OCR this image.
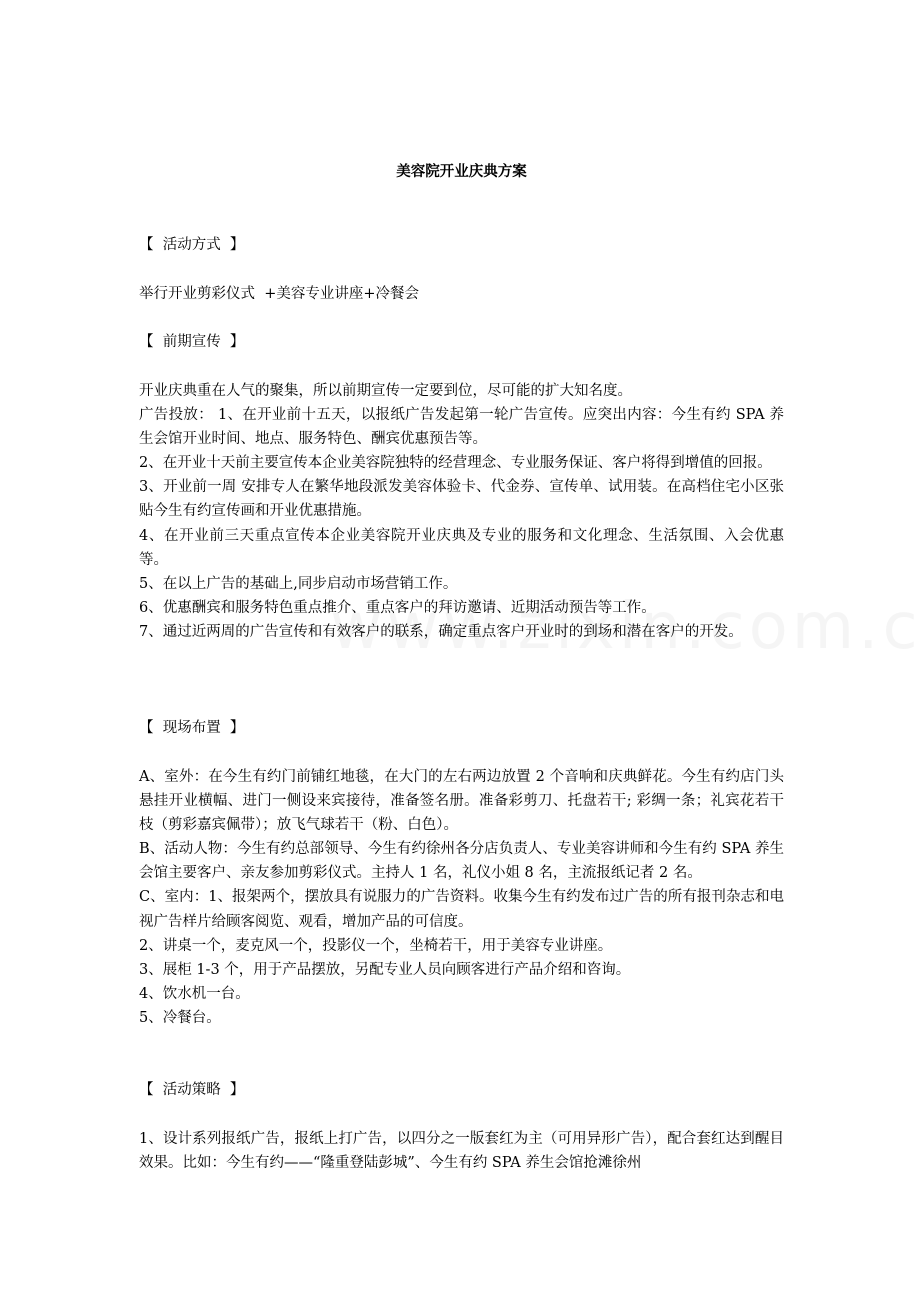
美容院开业庆典方案

【  活动方式  】

举行开业剪彩仪式  +美容专业讲座+冷餐会

【  前期宣传  】

开业庆典重在人气的聚集，所以前期宣传一定要到位，尽可能的扩大知名度。

广告投放： 1、在开业前十五天，以报纸广告发起第一轮广告宣传。应突出内容：今生有约 SPA 养生会馆开业时间、地点、服务特色、酬宾优惠预告等。

2、在开业十天前主要宣传本企业美容院独特的经营理念、专业服务保证、客户将得到增值的回报。

3、开业前一周 安排专人在繁华地段派发美容体验卡、代金券、宣传单、试用装。在高档住宅小区张贴今生有约宣传画和开业优惠措施。

4、在开业前三天重点宣传本企业美容院开业庆典及专业的服务和文化理念、生活氛围、入会优惠等。

5、在以上广告的基础上,同步启动市场营销工作。

6、优惠酬宾和服务特色重点推介、重点客户的拜访邀请、近期活动预告等工作。

7、通过近两周的广告宣传和有效客户的联系，确定重点客户开业时的到场和潜在客户的开发。

【  现场布置  】

A、室外：在今生有约门前铺红地毯，在大门的左右两边放置 2 个音响和庆典鲜花。今生有约店门头悬挂开业横幅、进门一侧设来宾接待，准备签名册。准备彩剪刀、托盘若干; 彩绸一条；礼宾花若干枝（剪彩嘉宾佩带）；放飞气球若干（粉、白色）。

B、活动人物：今生有约总部领导、今生有约徐州各分店负责人、专业美容讲师和今生有约 SPA 养生会馆主要客户、亲友参加剪彩仪式。主持人 1 名，礼仪小姐 8 名，主流报纸记者 2 名。

C、室内：1、报架两个，摆放具有说服力的广告资料。收集今生有约发布过广告的所有报刊杂志和电视广告样片给顾客阅览、观看，增加产品的可信度。

2、讲桌一个，麦克风一个，投影仪一个，坐椅若干，用于美容专业讲座。

3、展柜 1-3 个，用于产品摆放，另配专业人员向顾客进行产品介绍和咨询。

4、饮水机一台。

5、冷餐台。

【  活动策略  】

1、设计系列报纸广告，报纸上打广告，以四分之一版套红为主（可用异形广告），配合套红达到醒目效果。比如：今生有约——“隆重登陆彭城”、今生有约 SPA 养生会馆抢滩徐州
